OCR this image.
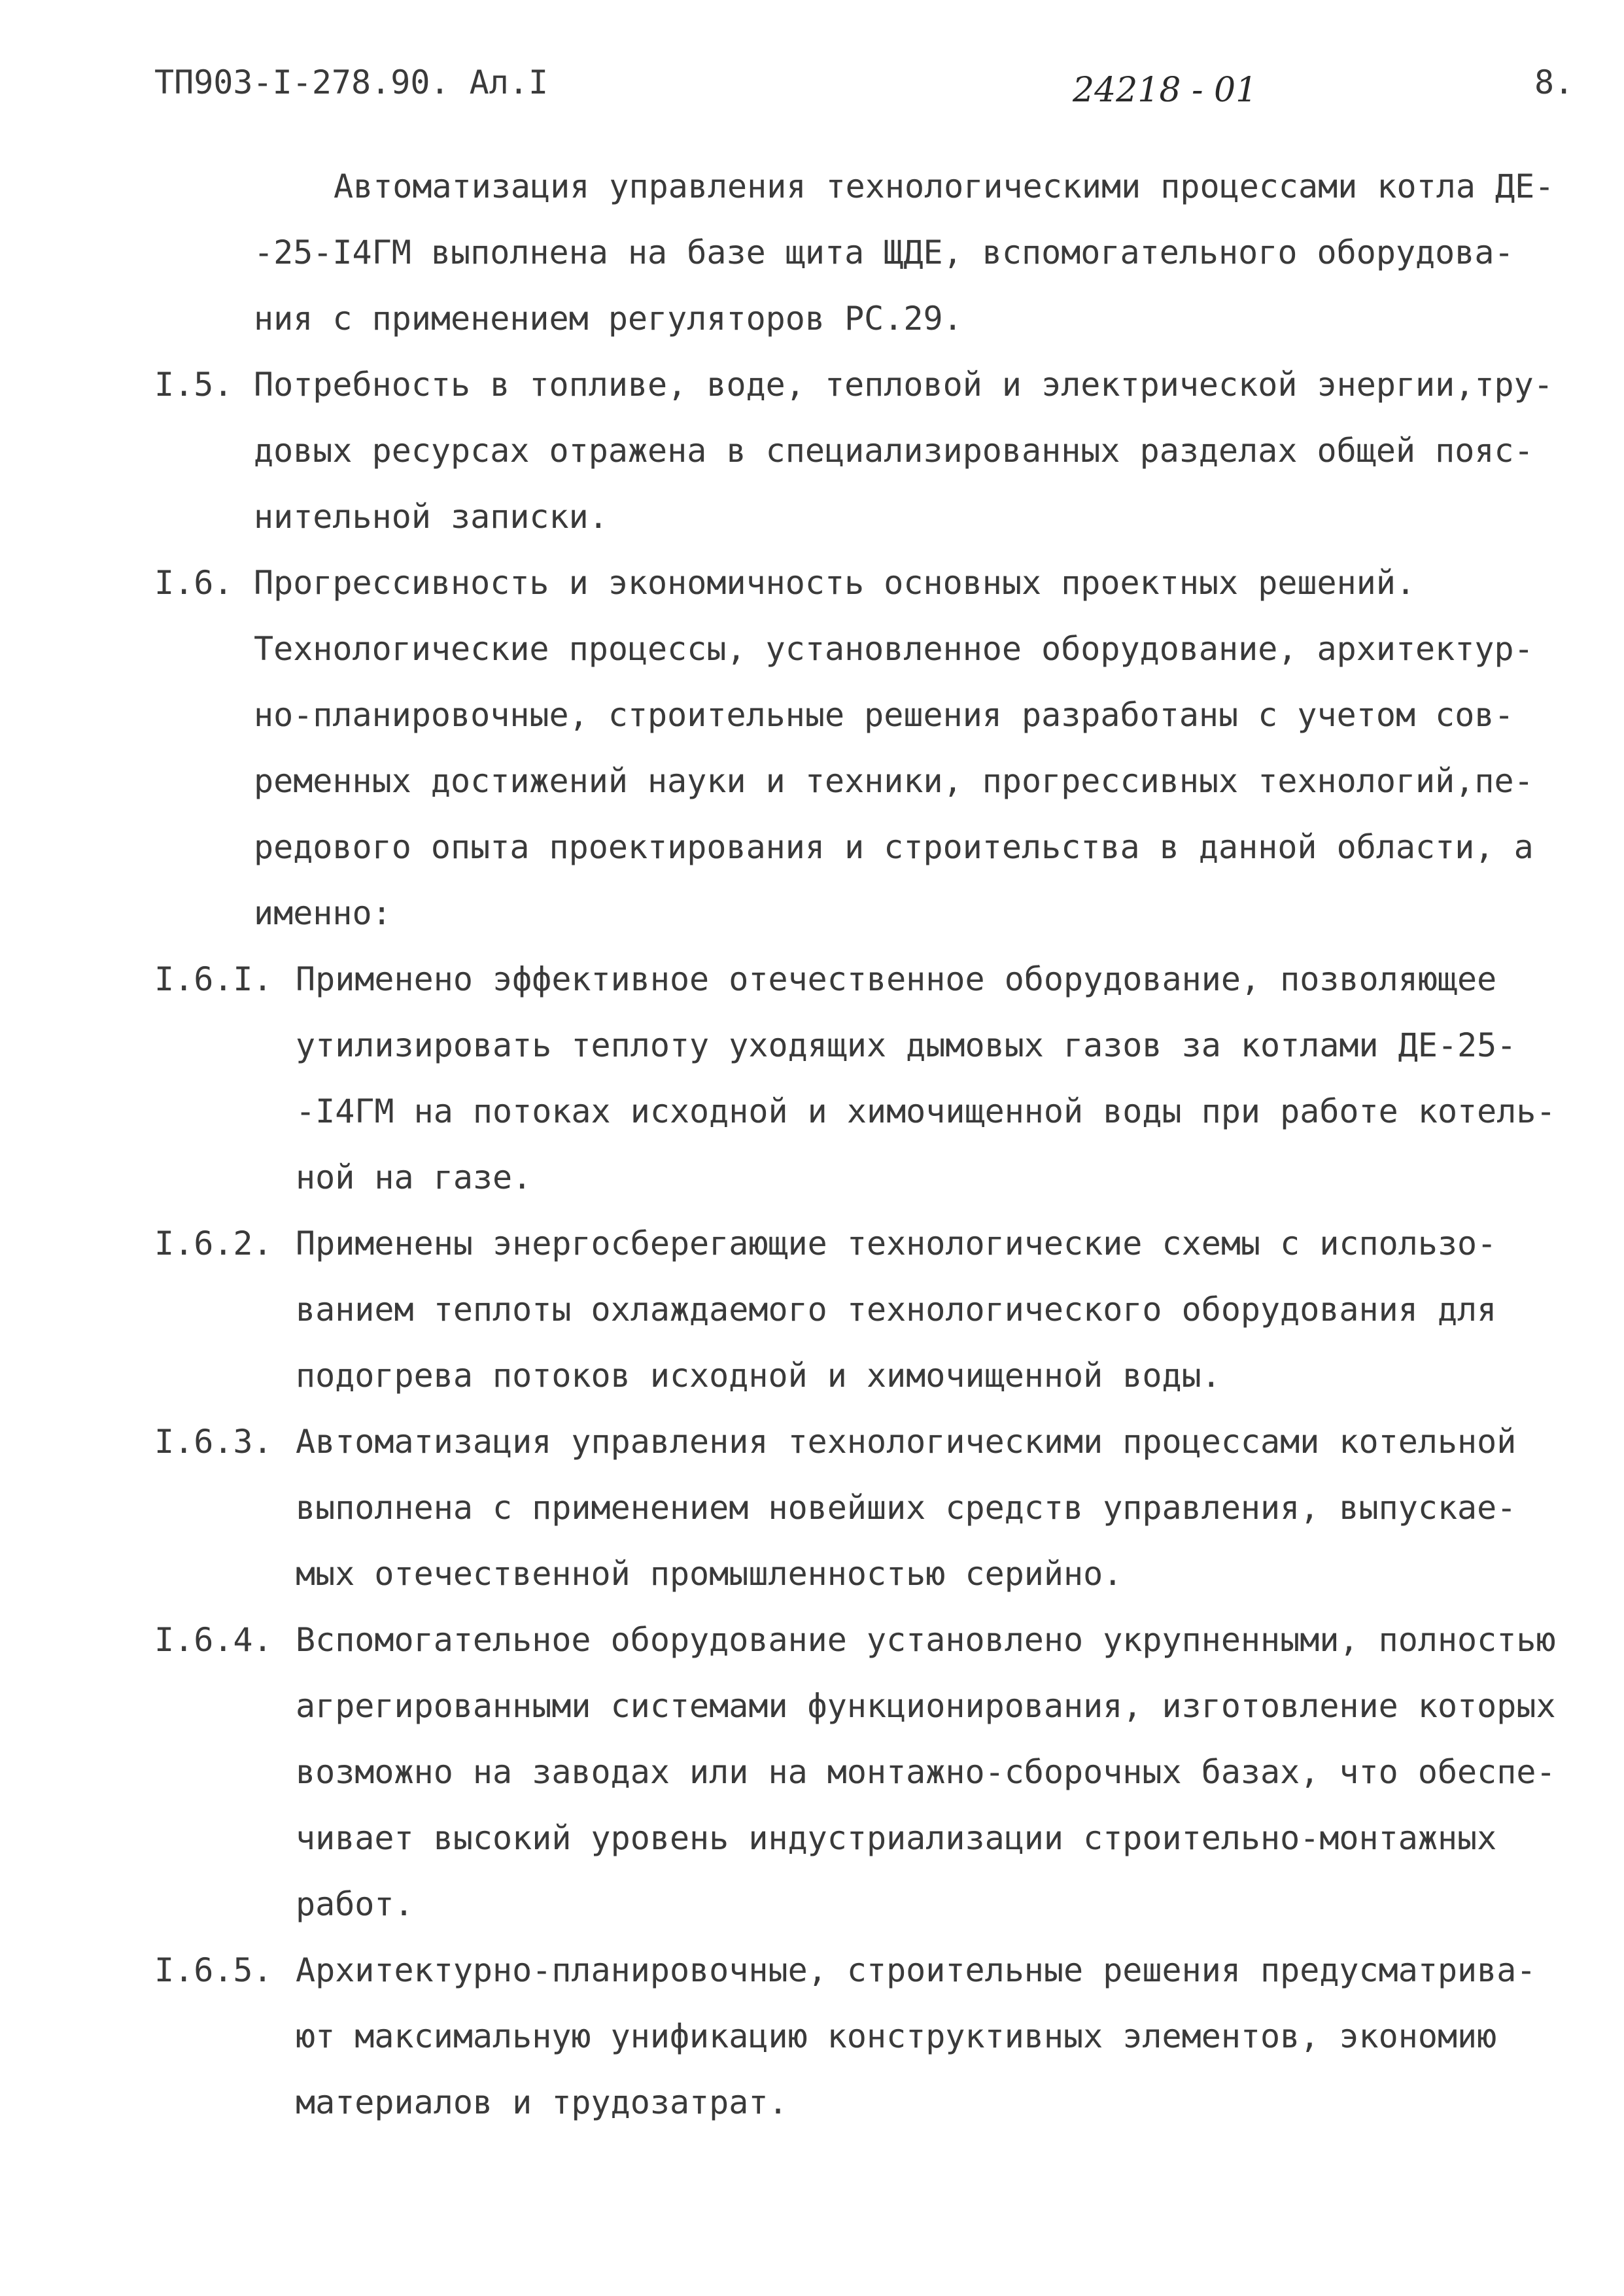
ТП903-I-278.90. Ал.I	24218 - 01	8.
Автоматизация управления технологическими процессами котла ДЕ-
-25-I4ГМ выполнена на базе щита ЩДЕ, вспомогательного оборудова-
ния с применением регуляторов РС.29.
I.5. Потребность в топливе, воде, тепловой и электрической энергии,тру-
довых ресурсах отражена в специализированных разделах общей пояс-
нительной записки.
I.6. Прогрессивность и экономичность основных проектных решений.
Технологические процессы, установленное оборудование, архитектур-
но-планировочные, строительные решения разработаны с учетом сов-
ременных достижений науки и техники, прогрессивных технологий,пе-
редового опыта проектирования и строительства в данной области, а
именно:
I.6.I. Применено эффективное отечественное оборудование, позволяющее
утилизировать теплоту уходящих дымовых газов за котлами ДЕ-25-
-I4ГМ на потоках исходной и химочищенной воды при работе котель-
ной на газе.
I.6.2. Применены энергосберегающие технологические схемы с использо-
ванием теплоты охлаждаемого технологического оборудования для
подогрева потоков исходной и химочищенной воды.
I.6.3. Автоматизация управления технологическими процессами котельной
выполнена с применением новейших средств управления, выпускае-
мых отечественной промышленностью серийно.
I.6.4. Вспомогательное оборудование установлено укрупненными, полностью
агрегированными системами функционирования, изготовление которых
возможно на заводах или на монтажно-сборочных базах, что обеспе-
чивает высокий уровень индустриализации строительно-монтажных
работ.
I.6.5. Архитектурно-планировочные, строительные решения предусматрива-
ют максимальную унификацию конструктивных элементов, экономию
материалов и трудозатрат.
